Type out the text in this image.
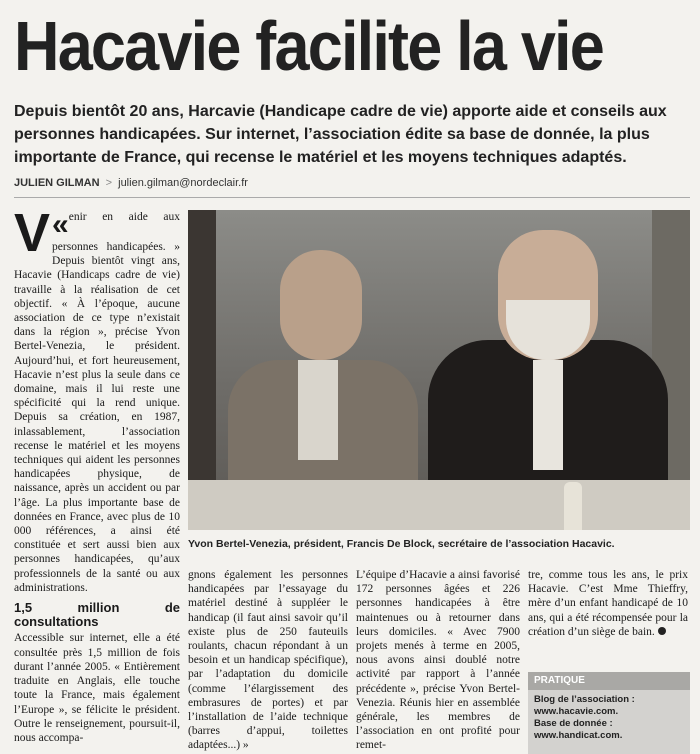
Hacavie facilite la vie
Depuis bientôt 20 ans, Harcavie (Handicape cadre de vie) apporte aide et conseils aux personnes handicapées. Sur internet, l’association édite sa base de donnée, la plus importante de France, qui recense le matériel et les moyens techniques adaptés.
JULIEN GILMAN > julien.gilman@nordeclair.fr

«
V enir en aide aux personnes handicapées. » Depuis bientôt vingt ans, Hacavie (Handicaps cadre de vie) travaille à la réalisation de cet objectif. « À l’époque, aucune association de ce type n’existait dans la région », précise Yvon Bertel-Venezia, le président. Aujourd’hui, et fort heureusement, Hacavie n’est plus la seule dans ce domaine, mais il lui reste une spécificité qui la rend unique. Depuis sa création, en 1987, inlassablement, l’association recense le matériel et les moyens techniques qui aident les personnes handicapées physique, de naissance, après un accident ou par l’âge. La plus importante base de données en France, avec plus de 10 000 références, a ainsi été constituée et sert aussi bien aux personnes handicapées, qu’aux professionnels de la santé ou aux administrations.

1,5 million de consultations

Accessible sur internet, elle a été consultée près 1,5 million de fois durant l’année 2005. « Entièrement traduite en Anglais, elle touche toute la France, mais également l’Europe », se félicite le président. Outre le renseignement, poursuit-il, nous accompa-

Yvon Bertel-Venezia, président, Francis De Block, secrétaire de l’association Hacavic.

gnons également les personnes handicapées par l’essayage du matériel destiné à suppléer le handicap (il faut ainsi savoir qu’il existe plus de 250 fauteuils roulants, chacun répondant à un besoin et un handicap spécifique), par l’adaptation du domicile (comme l’élargissement des embrasures de portes) et par l’installation de l’aide technique (barres d’appui, toilettes adaptées...) »

L’équipe d’Hacavie a ainsi favorisé 172 personnes âgées et 226 personnes handicapées à être maintenues ou à retourner dans leurs domiciles. « Avec 7900 projets menés à terme en 2005, nous avons ainsi doublé notre activité par rapport à l’année précédente », précise Yvon Bertel-Venezia. Réunis hier en assemblée générale, les membres de l’association en ont profité pour remet-

tre, comme tous les ans, le prix Hacavie. C’est Mme Thieffry, mère d’un enfant handicapé de 10 ans, qui a été récompensée pour la création d’un siège de bain.

PRATIQUE
Blog de l’association :
www.hacavie.com.
Base de donnée :
www.handicat.com.
